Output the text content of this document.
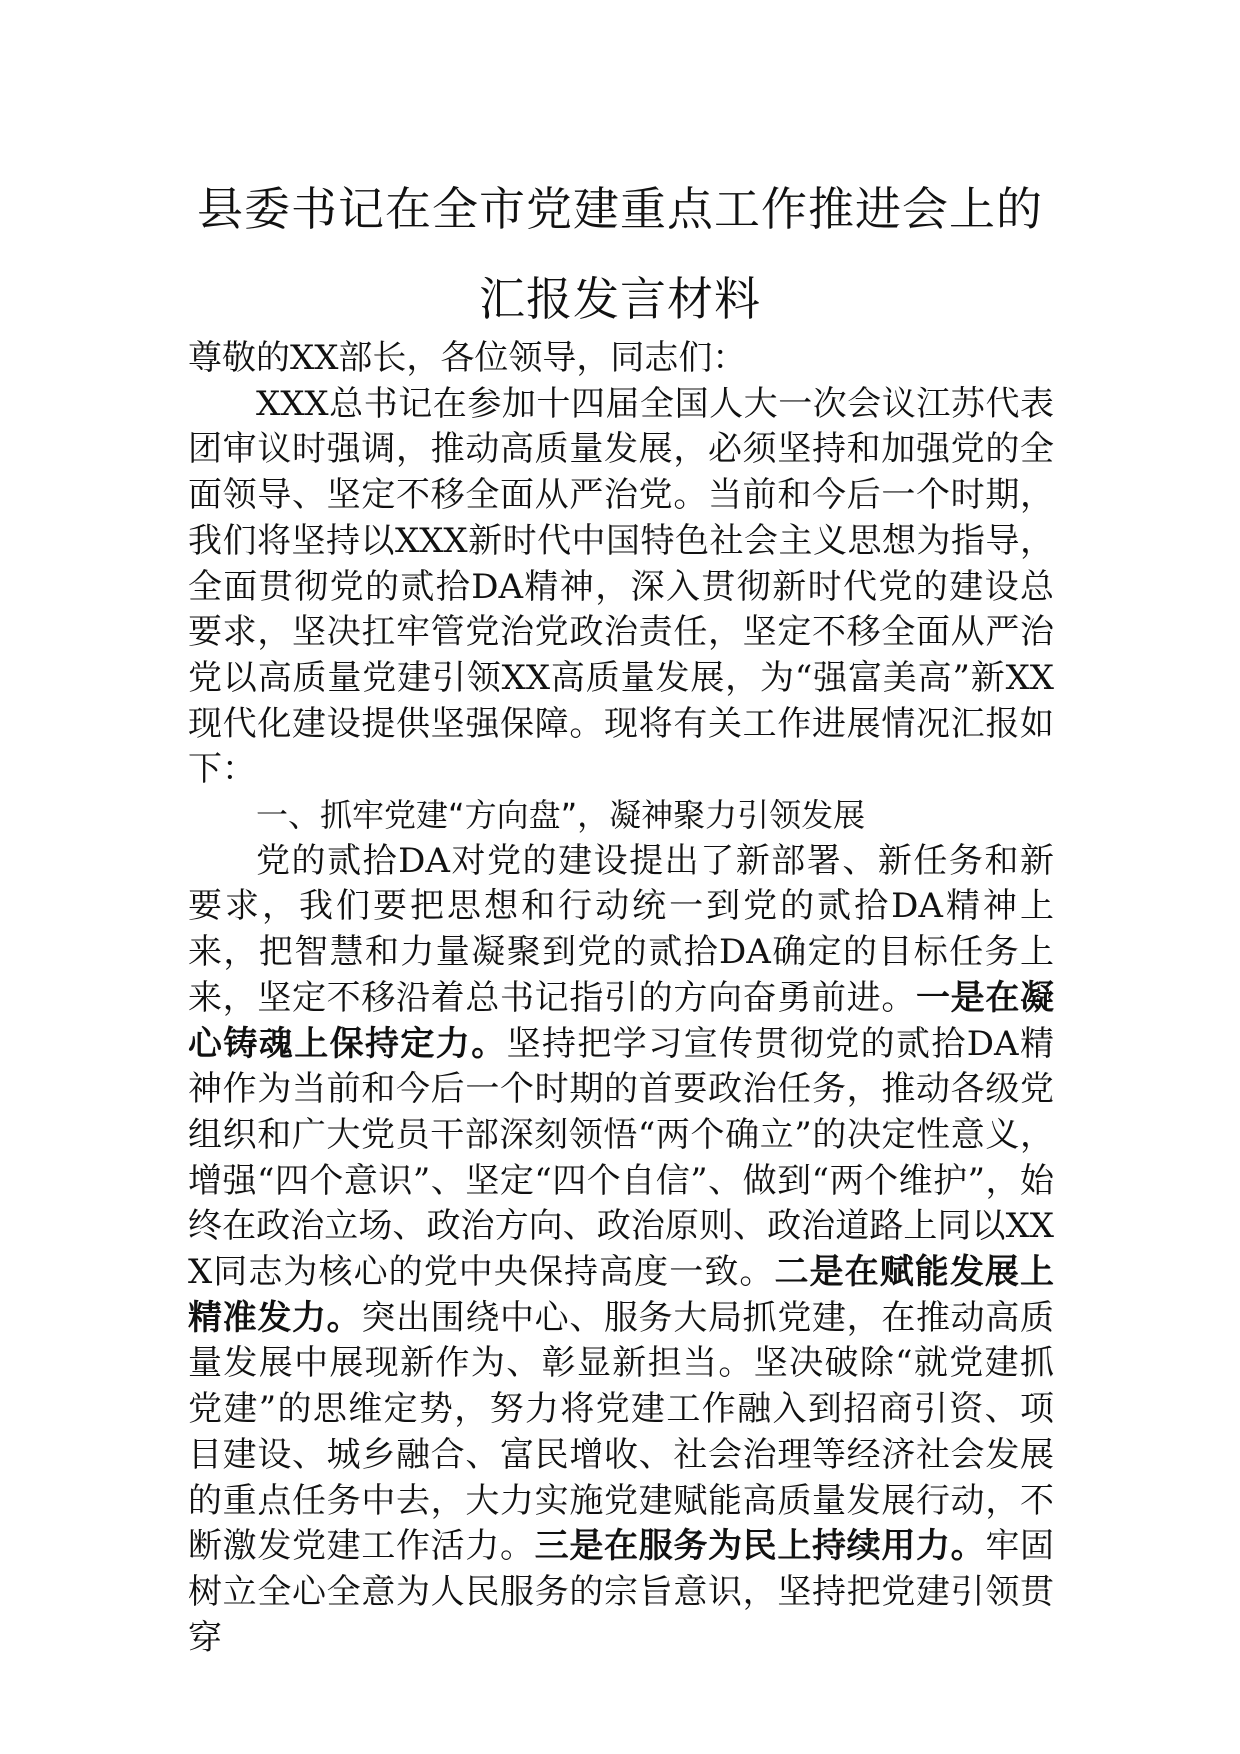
县委书记在全市党建重点工作推进会上的
汇报发言材料

尊敬的XX部长，各位领导，同志们：

XXX总书记在参加十四届全国人大一次会议江苏代表团审议时强调，推动高质量发展，必须坚持和加强党的全面领导、坚定不移全面从严治党。当前和今后一个时期，我们将坚持以XXX新时代中国特色社会主义思想为指导，全面贯彻党的贰拾DA精神，深入贯彻新时代党的建设总要求，坚决扛牢管党治党政治责任，坚定不移全面从严治党以高质量党建引领XX高质量发展，为“强富美高”新XX现代化建设提供坚强保障。现将有关工作进展情况汇报如下：

一、抓牢党建“方向盘”，凝神聚力引领发展

党的贰拾DA对党的建设提出了新部署、新任务和新要求，我们要把思想和行动统一到党的贰拾DA精神上来，把智慧和力量凝聚到党的贰拾DA确定的目标任务上来，坚定不移沿着总书记指引的方向奋勇前进。一是在凝心铸魂上保持定力。坚持把学习宣传贯彻党的贰拾DA精神作为当前和今后一个时期的首要政治任务，推动各级党组织和广大党员干部深刻领悟“两个确立”的决定性意义，增强“四个意识”、坚定“四个自信”、做到“两个维护”，始终在政治立场、政治方向、政治原则、政治道路上同以XXX同志为核心的党中央保持高度一致。二是在赋能发展上精准发力。突出围绕中心、服务大局抓党建，在推动高质量发展中展现新作为、彰显新担当。坚决破除“就党建抓党建”的思维定势，努力将党建工作融入到招商引资、项目建设、城乡融合、富民增收、社会治理等经济社会发展的重点任务中去，大力实施党建赋能高质量发展行动，不断激发党建工作活力。三是在服务为民上持续用力。牢固树立全心全意为人民服务的宗旨意识，坚持把党建引领贯穿
